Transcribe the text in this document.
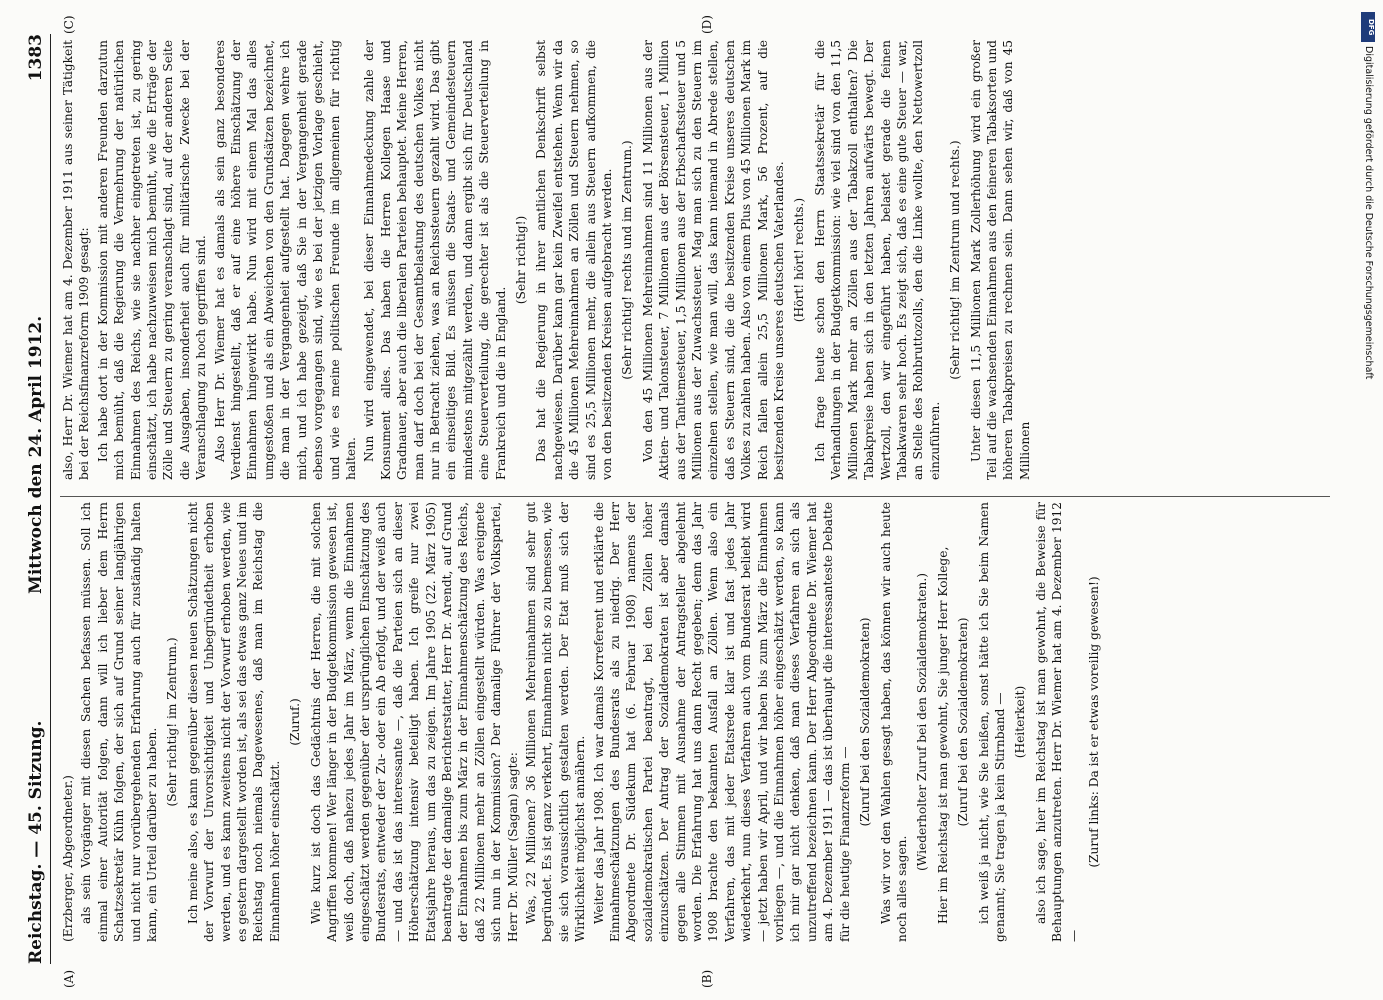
Reichstag. — 45. Sitzung.
Mittwoch den 24. April 1912.
1383
(A)	(B)
(C)	(D)

(Erzberger, Abgeordneter.) als sein Vorgänger mit diesen Sachen befassen müssen. Soll ich einmal einer Autorität folgen, dann will ich lieber dem Herrn Schatzsekretär Kühn folgen, der sich auf Grund seiner langjährigen und nicht nur vorübergehenden Erfahrung auch für zuständig halten kann, ein Urteil darüber zu haben.

(Sehr richtig! im Zentrum.) Ich meine also, es kann gegenüber diesen neuen Schätzungen nicht der Vorwurf der Unvorsichtigkeit und Unbegründetheit erhoben werden, und es kann zweitens nicht der Vorwurf erhoben werden, wie es gestern dargestellt worden ist, als sei das etwas ganz Neues und im Reichstag noch niemals Dagewesenes, daß man im Reichstag die Einnahmen höher einschätzt.

(Zuruf.) Wie kurz ist doch das Gedächtnis der Herren, die mit solchen Angriffen kommen! Wer länger in der Budgetkommission gewesen ist, weiß doch, daß nahezu jedes Jahr im März, wenn die Einnahmen eingeschätzt werden gegenüber der ursprünglichen Einschätzung des Bundesrats, entweder der Zu- oder ein Ab erfolgt, und der weiß auch — und das ist das interessante —, daß die Parteien sich an dieser Höherschätzung intensiv beteiligt haben. Ich greife nur zwei Etatsjahre heraus, um das zu zeigen. Im Jahre 1905 (22. März 1905) beantragte der damalige Berichterstatter, Herr Dr. Arendt, auf Grund der Einnahmen bis zum März in der Einnahmenschätzung des Reichs, daß 22 Millionen mehr an Zöllen eingestellt würden. Was ereignete sich nun in der Kommission? Der damalige Führer der Volkspartei, Herr Dr. Müller (Sagan) sagte: Was, 22 Millionen? 36 Millionen Mehreinnahmen sind sehr gut begründet. Es ist ganz verkehrt, Einnahmen nicht so zu bemessen, wie sie sich voraussichtlich gestalten werden. Der Etat muß sich der Wirklichkeit möglichst annähern. Weiter das Jahr 1908. Ich war damals Korreferent und erklärte die Einnahmeschätzungen des Bundesrats als zu niedrig. Der Herr Abgeordnete Dr. Südekum hat (6. Februar 1908) namens der sozialdemokratischen Partei beantragt, bei den Zöllen höher einzuschätzen. Der Antrag der Sozialdemokraten ist aber damals gegen alle Stimmen mit Ausnahme der Antragsteller abgelehnt worden. Die Erfahrung hat uns dann Recht gegeben; denn das Jahr 1908 brachte den bekannten Ausfall an Zöllen. Wenn also ein Verfahren, das mit jeder Etatsrede klar ist und fast jedes Jahr wiederkehrt, nun dieses Verfahren auch vom Bundesrat beliebt wird — jetzt haben wir April, und wir haben bis zum März die Einnahmen vorliegen —, und die Einnahmen höher eingeschätzt werden, so kann ich mir gar nicht denken, daß man dieses Verfahren an sich als unzutreffend bezeichnen kann. Der Herr Abgeordnete Dr. Wiemer hat am 4. Dezember 1911 — das ist überhaupt die interessanteste Debatte für die heutige Finanzreform —

(Zuruf bei den Sozialdemokraten) Was wir vor den Wahlen gesagt haben, das können wir auch heute noch alles sagen.

(Wiederholter Zuruf bei den Sozialdemokraten.) Hier im Reichstag ist man gewohnt, Sie junger Herr Kollege, (Zuruf bei den Sozialdemokraten) ich weiß ja nicht, wie Sie heißen, sonst hätte ich Sie beim Namen genannt; Sie tragen ja kein Stirnband — (Heiterkeit) also ich sage, hier im Reichstag ist man gewohnt, die Beweise für Behauptungen anzutreten. Herr Dr. Wiemer hat am 4. Dezember 1912 —

(Zuruf links: Da ist er etwas voreilig gewesen!)

also, Herr Dr. Wiemer hat am 4. Dezember 1911 aus seiner Tätigkeit bei der Reichsfinanzreform 1909 gesagt: Ich habe dort in der Kommission mit anderen Freunden darzutun mich bemüht, daß die Regierung die Vermehrung der natürlichen Einnahmen des Reichs, wie sie nachher eingetreten ist, zu gering einschätzt, ich habe nachzuweisen mich bemüht, wie die Erträge der Zölle und Steuern zu gering veranschlagt sind, auf der anderen Seite die Ausgaben, insonderheit auch für militärische Zwecke bei der Veranschlagung zu hoch gegriffen sind. Also Herr Dr. Wiemer hat es damals als sein ganz besonderes Verdienst hingestellt, daß er auf eine höhere Einschätzung der Einnahmen hingewirkt habe. Nun wird mit einem Mal das alles umgestoßen und als ein Abweichen von den Grundsätzen bezeichnet, die man in der Vergangenheit aufgestellt hat. Dagegen wehre ich mich, und ich habe gezeigt, daß Sie in der Vergangenheit gerade ebenso vorgegangen sind, wie es bei der jetzigen Vorlage geschieht, und wie es meine politischen Freunde im allgemeinen für richtig halten. Nun wird eingewendet, bei dieser Einnahmedeckung zahle der Konsument alles. Das haben die Herren Kollegen Haase und Gradnauer, aber auch die liberalen Parteien behauptet. Meine Herren, man darf doch bei der Gesamtbelastung des deutschen Volkes nicht nur in Betracht ziehen, was an Reichssteuern gezahlt wird. Das gibt ein einseitiges Bild. Es müssen die Staats- und Gemeindesteuern mindestens mitgezählt werden, und dann ergibt sich für Deutschland eine Steuerverteilung, die gerechter ist als die Steuerverteilung in Frankreich und die in England.

(Sehr richtig!) Das hat die Regierung in ihrer amtlichen Denkschrift selbst nachgewiesen. Darüber kann gar kein Zweifel entstehen. Wenn wir da die 45 Millionen Mehreinnahmen an Zöllen und Steuern nehmen, so sind es 25,5 Millionen mehr, die allein aus Steuern aufkommen, die von den besitzenden Kreisen aufgebracht werden. (Sehr richtig! rechts und im Zentrum.) Von den 45 Millionen Mehreinnahmen sind 11 Millionen aus der Aktien- und Talonsteuer, 7 Millionen aus der Börsensteuer, 1 Million aus der Tantiemesteuer, 1,5 Millionen aus der Erbschaftssteuer und 5 Millionen aus der Zuwachssteuer. Mag man sich zu den Steuern im einzelnen stellen, wie man will, das kann niemand in Abrede stellen, daß es Steuern sind, die die besitzenden Kreise unseres deutschen Volkes zu zahlen haben. Also von einem Plus von 45 Millionen Mark im Reich fallen allein 25,5 Millionen Mark, 56 Prozent, auf die besitzenden Kreise unseres deutschen Vaterlandes. (Hört! hört! rechts.) Ich frage heute schon den Herrn Staatssekretär für die Verhandlungen in der Budgetkommission: wie viel sind von den 11,5 Millionen Mark mehr an Zöllen aus der Tabakzoll enthalten? Die Tabakpreise haben sich in den letzten Jahren aufwärts bewegt. Der Wertzoll, den wir eingeführt haben, belastet gerade die feinen Tabakwaren sehr hoch. Es zeigt sich, daß es eine gute Steuer — war, an Stelle des Rohbruttozolls, den die Linke wollte, den Nettowertzoll einzuführen.

(Sehr richtig! im Zentrum und rechts.) Unter diesen 11,5 Millionen Mark Zollerhöhung wird ein großer Teil auf die wachsenden Einnahmen aus den feineren Tabaksorten und höheren Tabakpreisen zu rechnen sein. Dann sehen wir, daß von 45 Millionen

DFG
Digitalisierung gefördert durch die Deutsche Forschungsgemeinschaft
